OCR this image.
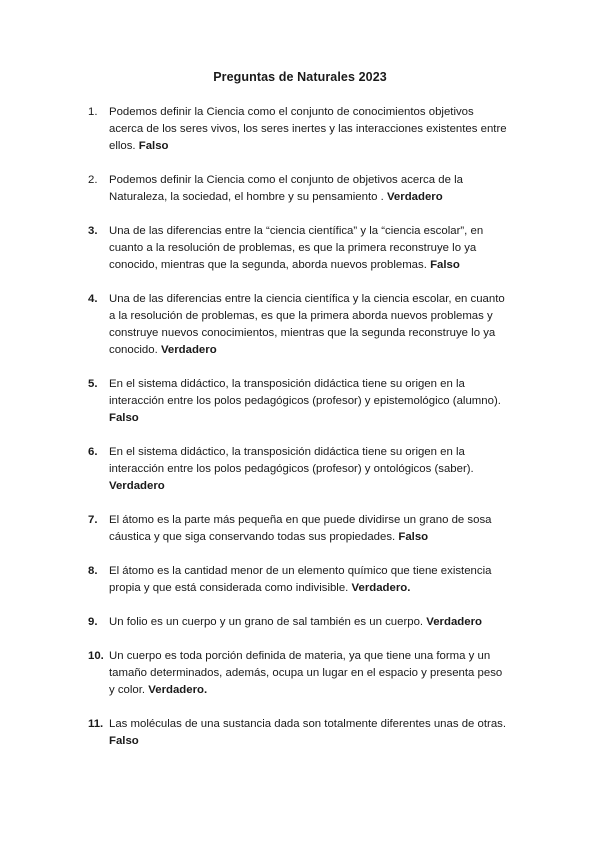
Preguntas de Naturales 2023
1.	Podemos definir la Ciencia como el conjunto de conocimientos objetivos acerca de los seres vivos, los seres inertes y las interacciones existentes entre ellos. Falso
2.	Podemos definir la Ciencia como el conjunto de objetivos acerca de la Naturaleza, la sociedad, el hombre y su pensamiento . Verdadero
3.	Una de las diferencias entre la “ciencia científica” y la “ciencia escolar”, en cuanto a la resolución de problemas, es que la primera reconstruye lo ya conocido, mientras que la segunda, aborda nuevos problemas. Falso
4.	Una de las diferencias entre la ciencia científica y la ciencia escolar, en cuanto a la resolución de problemas, es que la primera aborda nuevos problemas y construye nuevos conocimientos, mientras que la segunda reconstruye lo ya conocido. Verdadero
5.	En el sistema didáctico, la transposición didáctica tiene su origen en la interacción entre los polos pedagógicos (profesor) y epistemológico (alumno). Falso
6.	En el sistema didáctico, la transposición didáctica tiene su origen en la interacción entre los polos pedagógicos (profesor) y ontológicos (saber). Verdadero
7.	El átomo es la parte más pequeña en que puede dividirse un grano de sosa cáustica y que siga conservando todas sus propiedades. Falso
8.	El átomo es la cantidad menor de un elemento químico que tiene existencia propia y que está considerada como indivisible. Verdadero.
9.	Un folio es un cuerpo y un grano de sal también es un cuerpo. Verdadero
10. Un cuerpo es toda porción definida de materia, ya que tiene una forma y un tamaño determinados, además, ocupa un lugar en el espacio y presenta peso y color. Verdadero.
11. Las moléculas de una sustancia dada son totalmente diferentes unas de otras. Falso
